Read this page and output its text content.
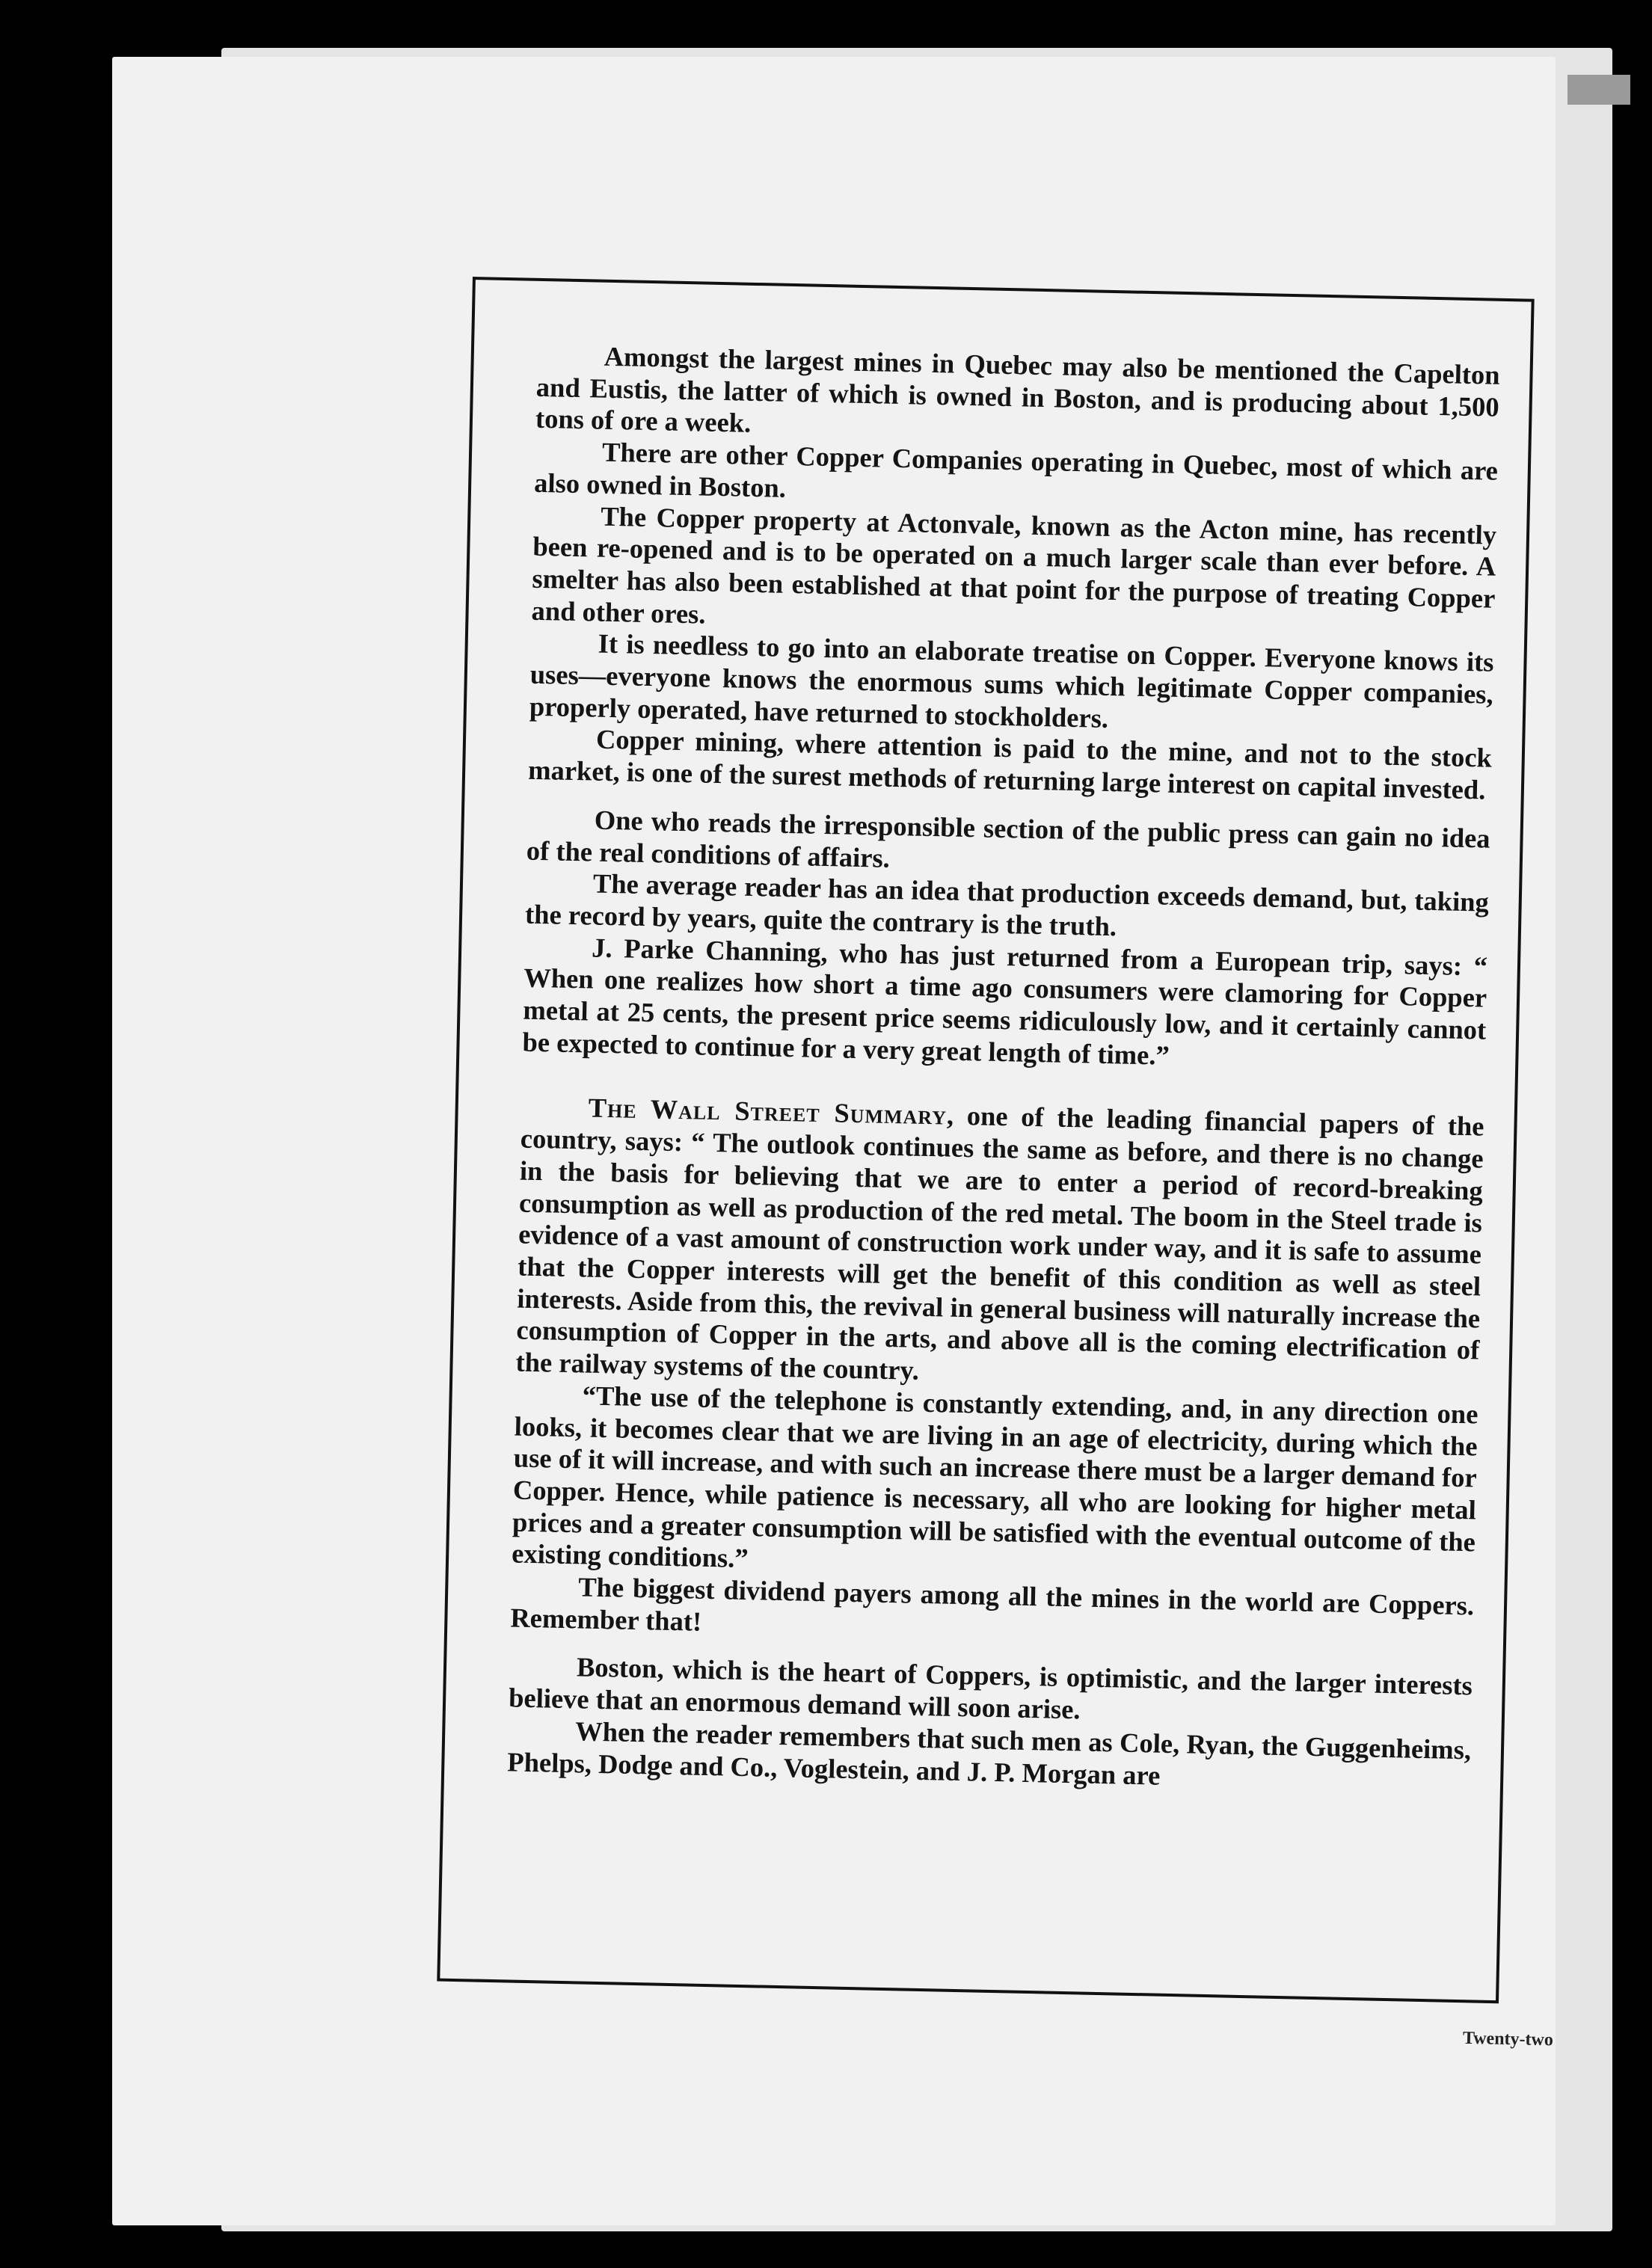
Amongst the largest mines in Quebec may also be mentioned the Capelton and Eustis, the latter of which is owned in Boston, and is producing about 1,500 tons of ore a week.

There are other Copper Companies operating in Quebec, most of which are also owned in Boston.

The Copper property at Actonvale, known as the Acton mine, has recently been re-opened and is to be operated on a much larger scale than ever before. A smelter has also been established at that point for the purpose of treating Copper and other ores.

It is needless to go into an elaborate treatise on Copper. Everyone knows its uses—everyone knows the enormous sums which legitimate Copper companies, properly operated, have returned to stockholders.

Copper mining, where attention is paid to the mine, and not to the stock market, is one of the surest methods of returning large interest on capital invested.

One who reads the irresponsible section of the public press can gain no idea of the real conditions of affairs.

The average reader has an idea that production exceeds demand, but, taking the record by years, quite the contrary is the truth.

J. Parke Channing, who has just returned from a European trip, says: “ When one realizes how short a time ago consumers were clamoring for Copper metal at 25 cents, the present price seems ridiculously low, and it certainly cannot be expected to continue for a very great length of time.”

The Wall Street Summary, one of the leading financial papers of the country, says: “ The outlook continues the same as before, and there is no change in the basis for believing that we are to enter a period of record-breaking consumption as well as production of the red metal. The boom in the Steel trade is evidence of a vast amount of construction work under way, and it is safe to assume that the Copper interests will get the benefit of this condition as well as steel interests. Aside from this, the revival in general business will naturally increase the consumption of Copper in the arts, and above all is the coming electrification of the railway systems of the country.

“The use of the telephone is constantly extending, and, in any direction one looks, it becomes clear that we are living in an age of electricity, during which the use of it will increase, and with such an increase there must be a larger demand for Copper. Hence, while patience is necessary, all who are looking for higher metal prices and a greater consumption will be satisfied with the eventual outcome of the existing conditions.”

The biggest dividend payers among all the mines in the world are Coppers. Remember that!

Boston, which is the heart of Coppers, is optimistic, and the larger interests believe that an enormous demand will soon arise.

When the reader remembers that such men as Cole, Ryan, the Guggenheims, Phelps, Dodge and Co., Voglestein, and J. P. Morgan are

Twenty-two
